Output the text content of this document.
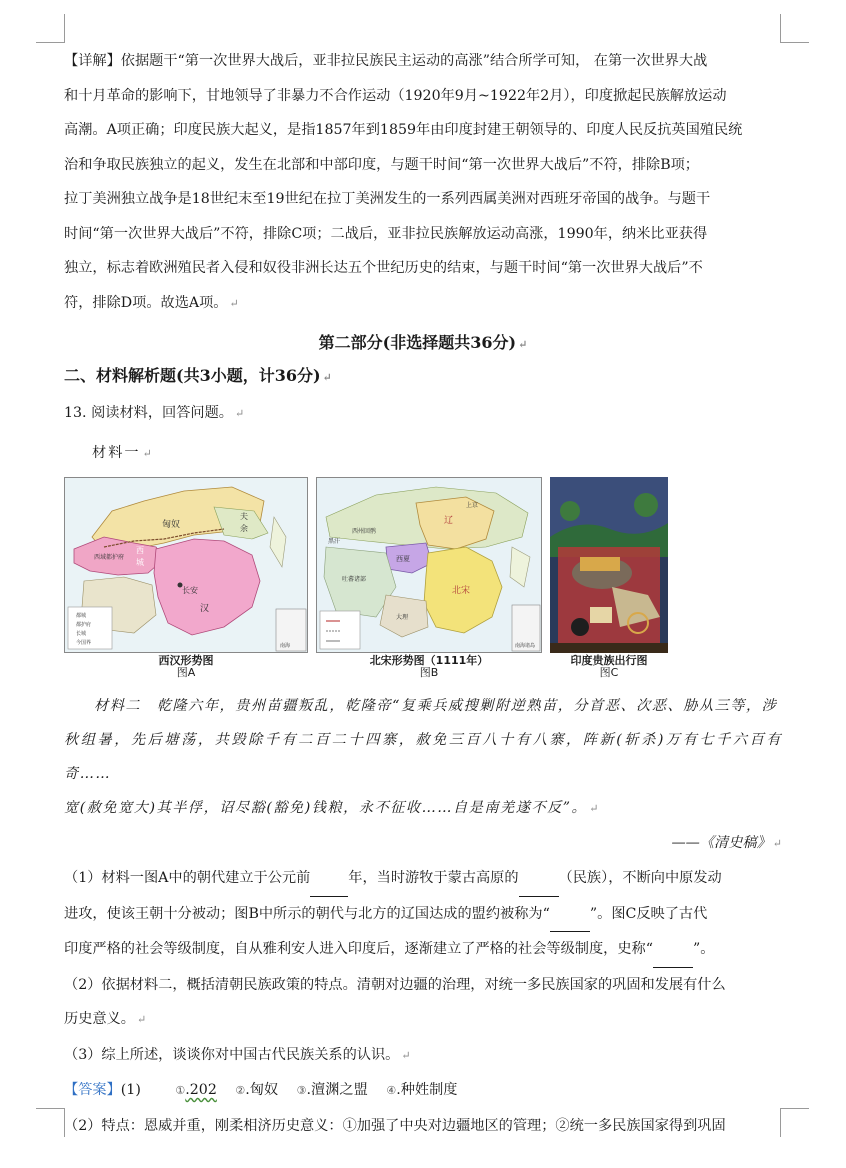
【详解】依据题干“第一次世界大战后，亚非拉民族民主运动的高涨”结合所学可知， 在第一次世界大战

和十月革命的影响下，甘地领导了非暴力不合作运动（1920年9月~1922年2月），印度掀起民族解放运动

高潮。A项正确；印度民族大起义，是指1857年到1859年由印度封建王朝领导的、印度人民反抗英国殖民统

治和争取民族独立的起义，发生在北部和中部印度，与题干时间“第一次世界大战后”不符，排除B项；

拉丁美洲独立战争是18世纪末至19世纪在拉丁美洲发生的一系列西属美洲对西班牙帝国的战争。与题干

时间“第一次世界大战后”不符，排除C项；二战后，亚非拉民族解放运动高涨，1990年，纳米比亚获得

独立，标志着欧洲殖民者入侵和奴役非洲长达五个世纪历史的结束，与题干时间“第一次世界大战后”不

符，排除D项。故选A项。 ↵

第二部分(非选择题共36分) ↵
二、材料解析题(共3小题，计36分) ↵
13. 阅读材料，回答问题。 ↵
材料一 ↵
匈奴
西域都护府
西
城
长安
汉
夫
余
都城
都护府
长城
今国界	南海
西汉形势图
图A
辽
西夏
北宋
吐蕃诸部
大理
西州回鹘
黑汗
上京
南海诸岛
北宋形势图（1111年）
图B
印度贵族出行图
图C

材料二　乾隆六年，贵州苗疆叛乱，乾隆帝“复乘兵威搜剿附逆熟苗，分首恶、次恶、胁从三等，涉

秋组暑，先后塘荡，共毁除千有二百二十四寨，赦免三百八十有八寨，阵新(斩杀)万有七千六百有奇……

宽(赦免宽大)其半俘，诏尽豁(豁免)钱粮，永不征收……自是南羌遂不反”。 ↵

——《清史稿》 ↵

（1）材料一图A中的朝代建立于公元前	年，当时游牧于蒙古高原的	（民族），不断向中原发动

进攻，使该王朝十分被动；图B中所示的朝代与北方的辽国达成的盟约被称为“	”。图C反映了古代

印度严格的社会等级制度，自从雅利安人进入印度后，逐渐建立了严格的社会等级制度，史称“	”。

（2）依据材料二，概括清朝民族政策的特点。清朝对边疆的治理，对统一多民族国家的巩固和发展有什么

历史意义。 ↵

（3）综上所述，谈谈你对中国古代民族关系的认识。 ↵

【答案】(1)	①.202 ②.匈奴 ③.澶渊之盟 ④.种姓制度

（2）特点：恩威并重，刚柔相济历史意义：①加强了中央对边疆地区的管理；②统一多民族国家得到巩固
